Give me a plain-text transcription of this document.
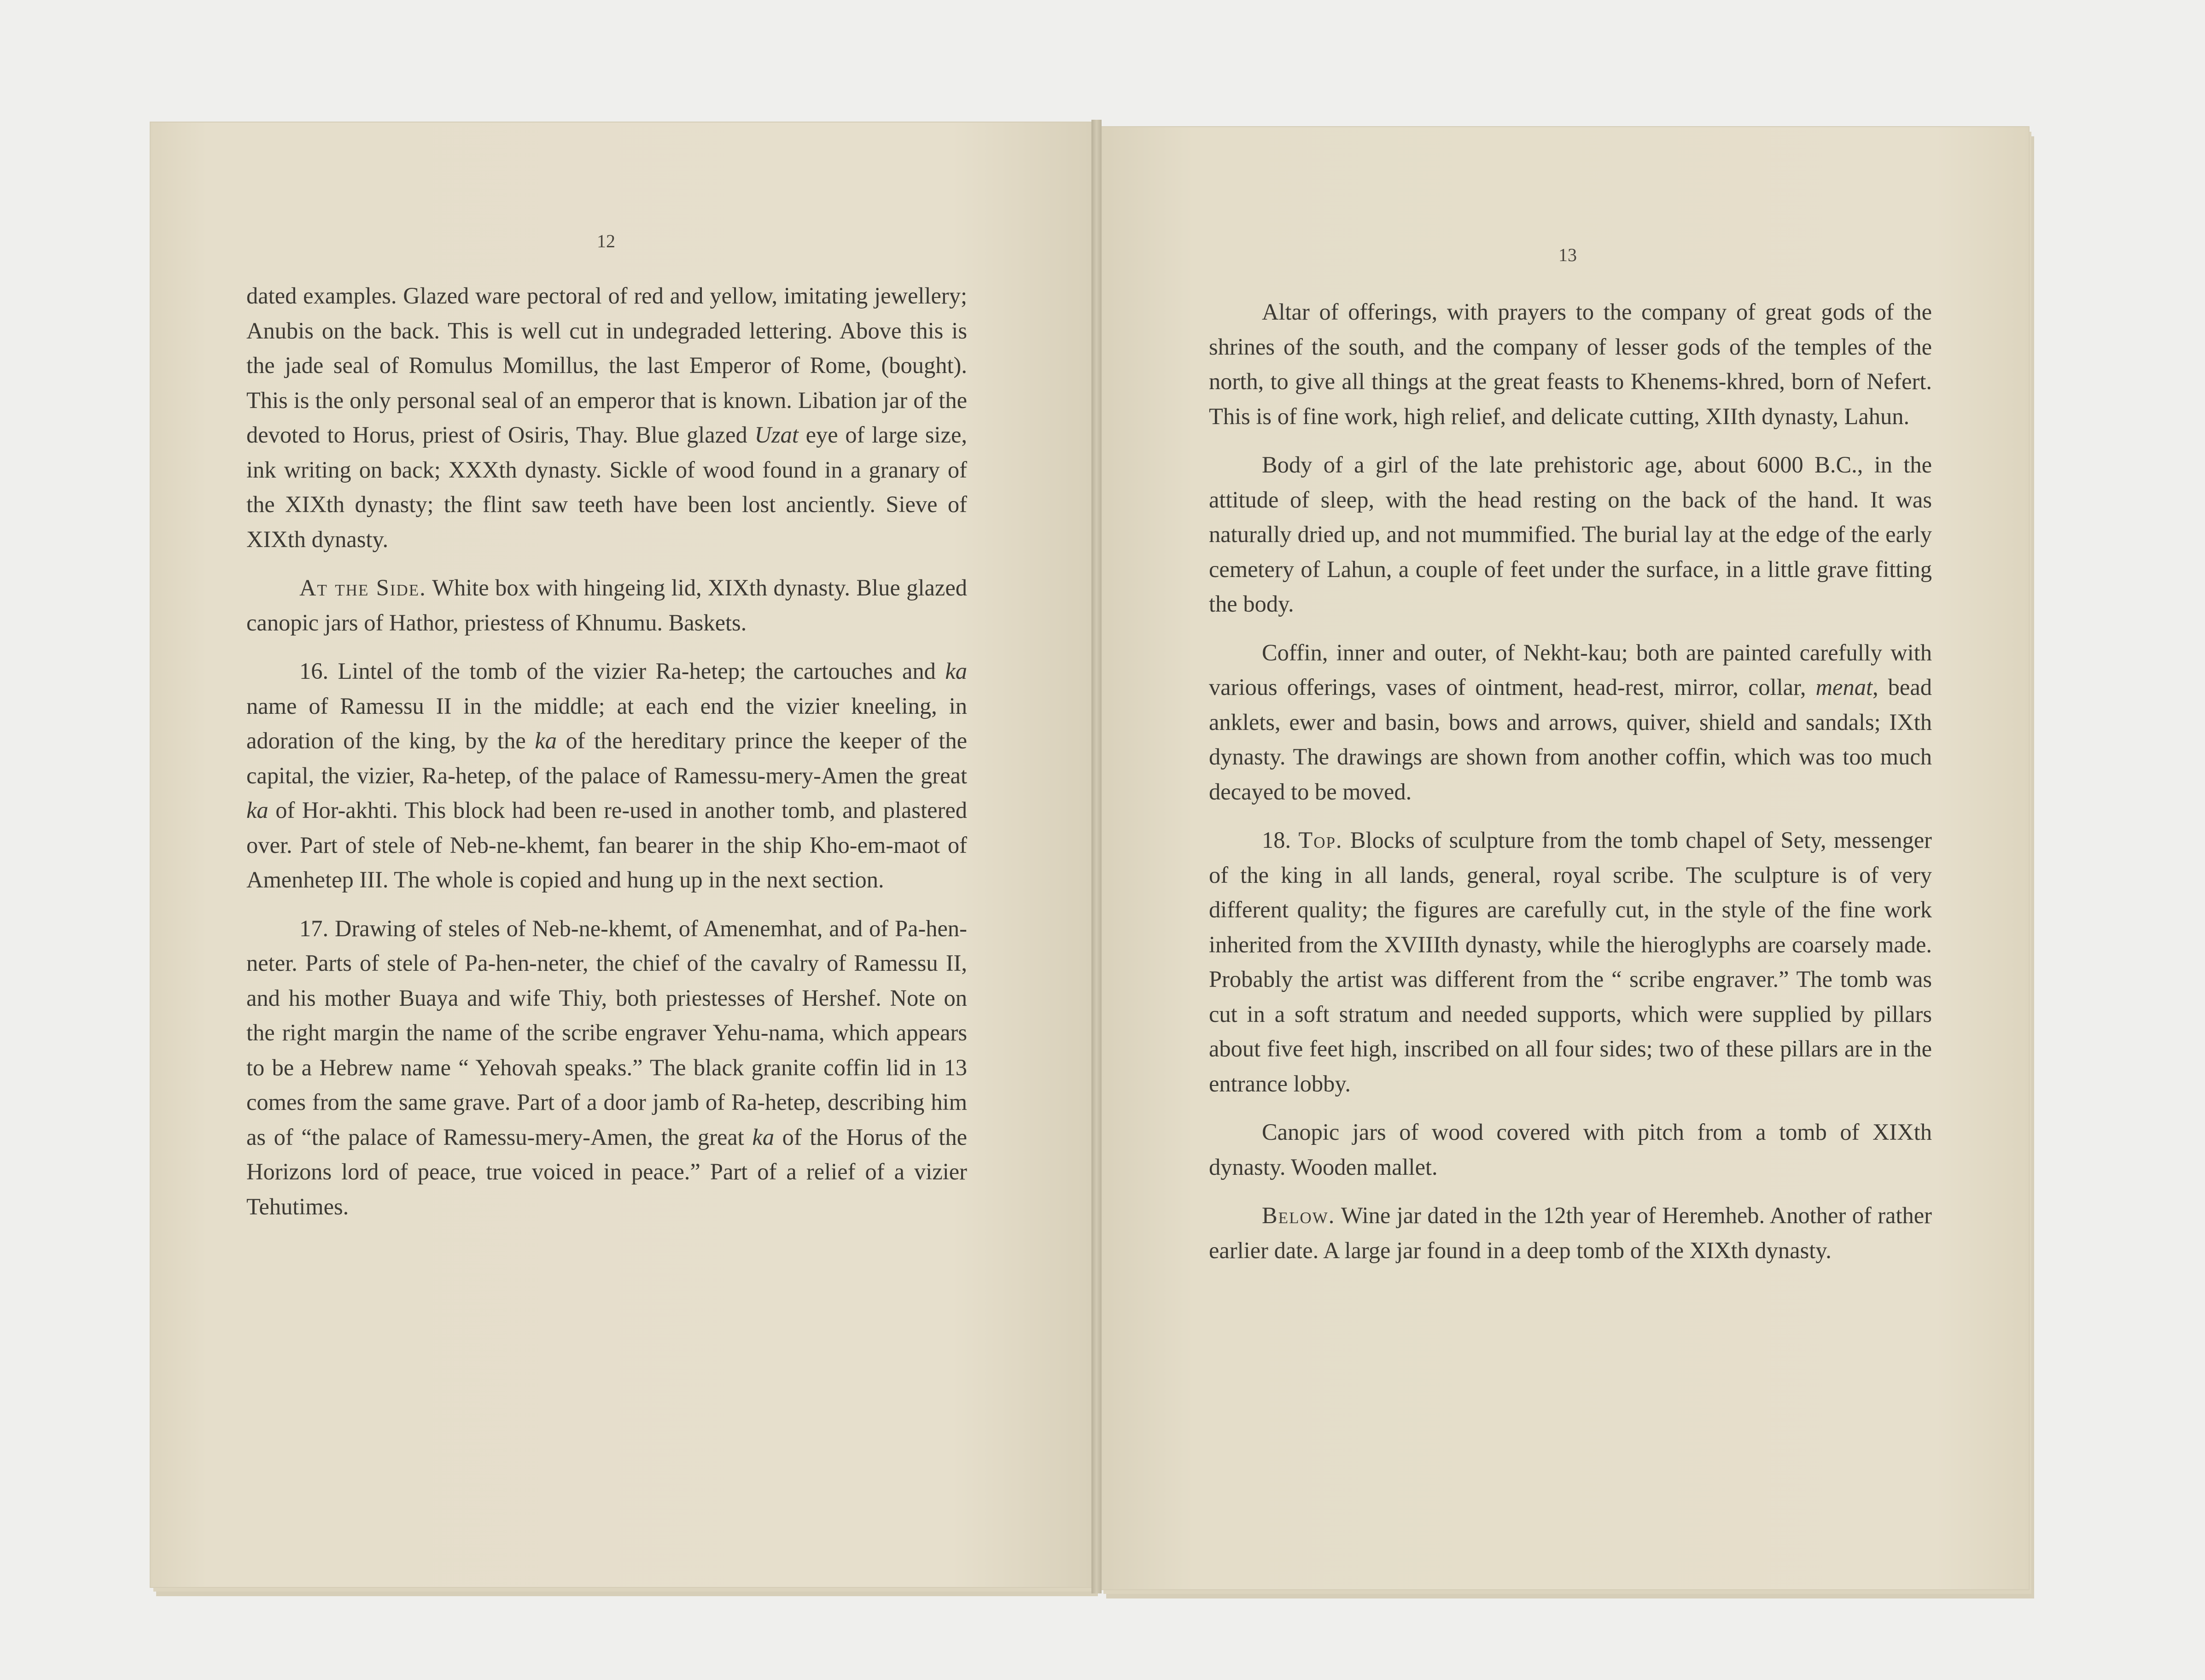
12

dated examples. Glazed ware pectoral of red and yellow, imitating jewellery; Anubis on the back. This is well cut in undegraded lettering. Above this is the jade seal of Romulus Momillus, the last Emperor of Rome, (bought). This is the only personal seal of an emperor that is known. Libation jar of the devoted to Horus, priest of Osiris, Thay. Blue glazed Uzat eye of large size, ink writing on back; XXXth dynasty. Sickle of wood found in a granary of the XIXth dynasty; the flint saw teeth have been lost anciently. Sieve of XIXth dynasty.

At the Side. White box with hingeing lid, XIXth dynasty. Blue glazed canopic jars of Hathor, priestess of Khnumu. Baskets.

16. Lintel of the tomb of the vizier Ra-hetep; the cartouches and ka name of Ramessu II in the middle; at each end the vizier kneeling, in adoration of the king, by the ka of the hereditary prince the keeper of the capital, the vizier, Ra-hetep, of the palace of Ramessu-mery-Amen the great ka of Hor-akhti. This block had been re-used in another tomb, and plastered over. Part of stele of Neb-ne-khemt, fan bearer in the ship Kho-em-maot of Amenhetep III. The whole is copied and hung up in the next section.

17. Drawing of steles of Neb-ne-khemt, of Amenemhat, and of Pa-hen-neter. Parts of stele of Pa-hen-neter, the chief of the cavalry of Ramessu II, and his mother Buaya and wife Thiy, both priestesses of Hershef. Note on the right margin the name of the scribe engraver Yehu-nama, which appears to be a Hebrew name “ Yehovah speaks.” The black granite coffin lid in 13 comes from the same grave. Part of a door jamb of Ra-hetep, describing him as of “the palace of Ramessu-mery-Amen, the great ka of the Horus of the Horizons lord of peace, true voiced in peace.” Part of a relief of a vizier Tehutimes.

13

Altar of offerings, with prayers to the company of great gods of the shrines of the south, and the company of lesser gods of the temples of the north, to give all things at the great feasts to Khenems-khred, born of Nefert. This is of fine work, high relief, and delicate cutting, XIIth dynasty, Lahun.

Body of a girl of the late prehistoric age, about 6000 B.C., in the attitude of sleep, with the head resting on the back of the hand. It was naturally dried up, and not mummified. The burial lay at the edge of the early cemetery of Lahun, a couple of feet under the surface, in a little grave fitting the body.

Coffin, inner and outer, of Nekht-kau; both are painted carefully with various offerings, vases of ointment, head-rest, mirror, collar, menat, bead anklets, ewer and basin, bows and arrows, quiver, shield and sandals; IXth dynasty. The drawings are shown from another coffin, which was too much decayed to be moved.

18. Top. Blocks of sculpture from the tomb chapel of Sety, messenger of the king in all lands, general, royal scribe. The sculpture is of very different quality; the figures are carefully cut, in the style of the fine work inherited from the XVIIIth dynasty, while the hieroglyphs are coarsely made. Probably the artist was different from the “ scribe engraver.” The tomb was cut in a soft stratum and needed supports, which were supplied by pillars about five feet high, inscribed on all four sides; two of these pillars are in the entrance lobby.

Canopic jars of wood covered with pitch from a tomb of XIXth dynasty. Wooden mallet.

Below. Wine jar dated in the 12th year of Heremheb. Another of rather earlier date. A large jar found in a deep tomb of the XIXth dynasty.
